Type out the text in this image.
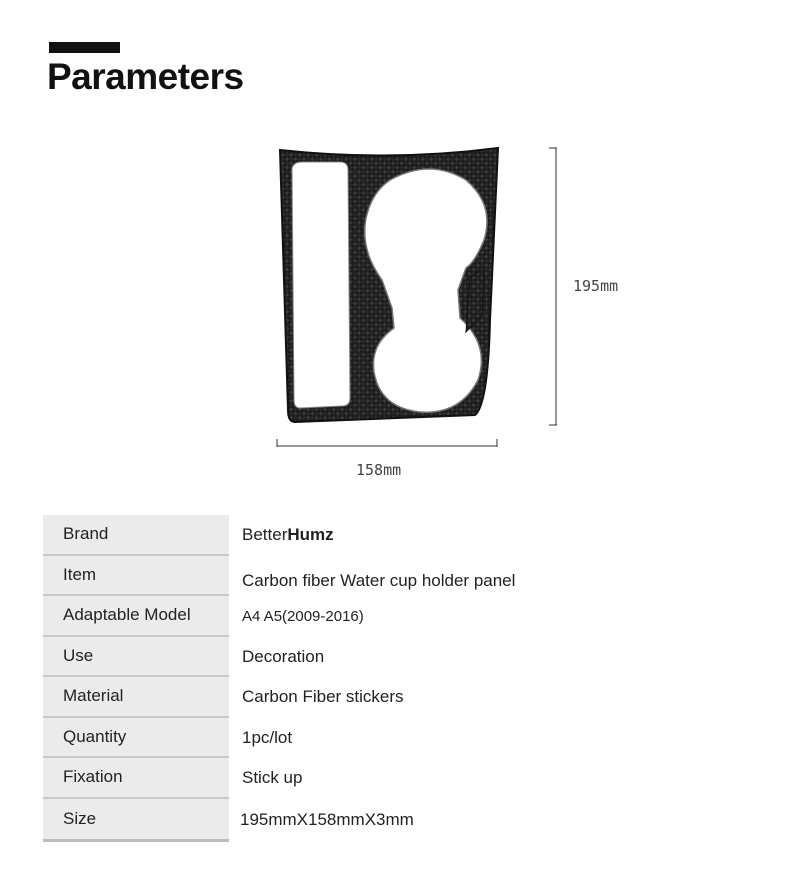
Parameters
195mm
158mm
Brand	Better Humz
Item	Carbon fiber Water cup holder panel
Adaptable Model	A4 A5(2009-2016)
Use	Decoration
Material	Carbon Fiber stickers
Quantity	1pc/lot
Fixation	Stick up
Size	195mmX158mmX3mm
